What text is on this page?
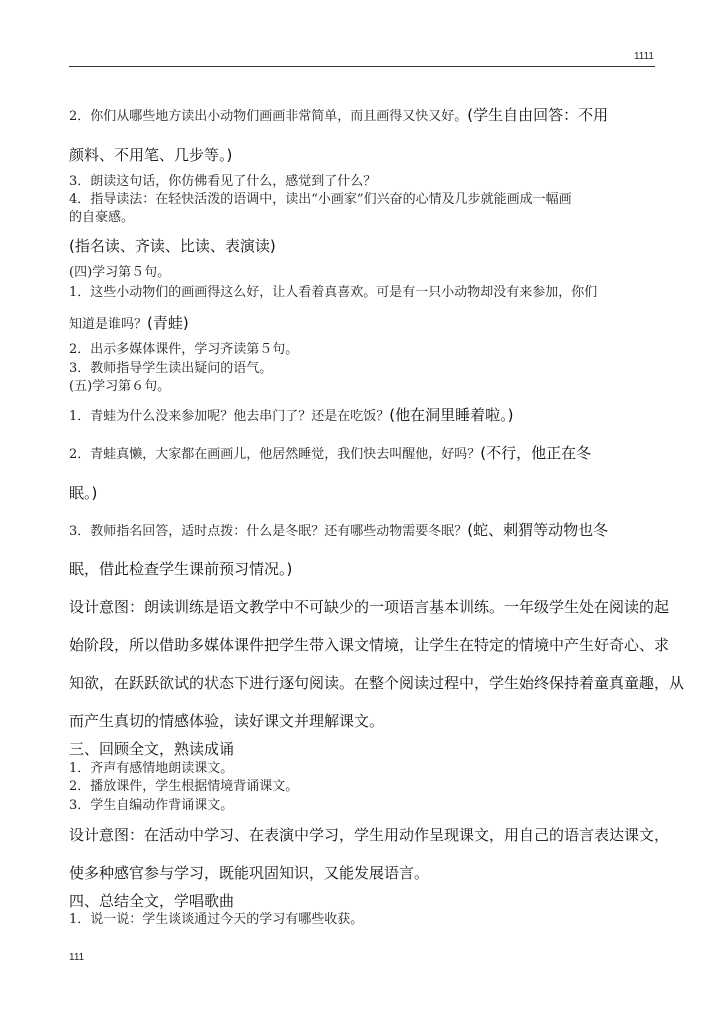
1111
2．你们从哪些地方读出小动物们画画非常简单，而且画得又快又好。(学生自由回答：不用
颜料、不用笔、几步等。)
3．朗读这句话，你仿佛看见了什么，感觉到了什么？
4．指导读法：在轻快活泼的语调中，读出“小画家”们兴奋的心情及几步就能画成一幅画
的自豪感。
(指名读、齐读、比读、表演读)
(四)学习第５句。
1．这些小动物们的画画得这么好，让人看着真喜欢。可是有一只小动物却没有来参加，你们
知道是谁吗？(青蛙)
2．出示多媒体课件，学习齐读第５句。
3．教师指导学生读出疑问的语气。
(五)学习第６句。
1．青蛙为什么没来参加呢？他去串门了？还是在吃饭？(他在洞里睡着啦。)
2．青蛙真懒，大家都在画画儿，他居然睡觉，我们快去叫醒他，好吗？(不行，他正在冬
眠。)
3．教师指名回答，适时点拨：什么是冬眠？还有哪些动物需要冬眠？(蛇、刺猬等动物也冬
眠，借此检查学生课前预习情况。)
设计意图：朗读训练是语文教学中不可缺少的一项语言基本训练。一年级学生处在阅读的起
始阶段，所以借助多媒体课件把学生带入课文情境，让学生在特定的情境中产生好奇心、求
知欲，在跃跃欲试的状态下进行逐句阅读。在整个阅读过程中，学生始终保持着童真童趣，从
而产生真切的情感体验，读好课文并理解课文。
三、回顾全文，熟读成诵
1．齐声有感情地朗读课文。
2．播放课件，学生根据情境背诵课文。
3．学生自编动作背诵课文。
设计意图：在活动中学习、在表演中学习，学生用动作呈现课文，用自己的语言表达课文，
使多种感官参与学习，既能巩固知识，又能发展语言。
四、总结全文，学唱歌曲
1．说一说：学生谈谈通过今天的学习有哪些收获。
111
